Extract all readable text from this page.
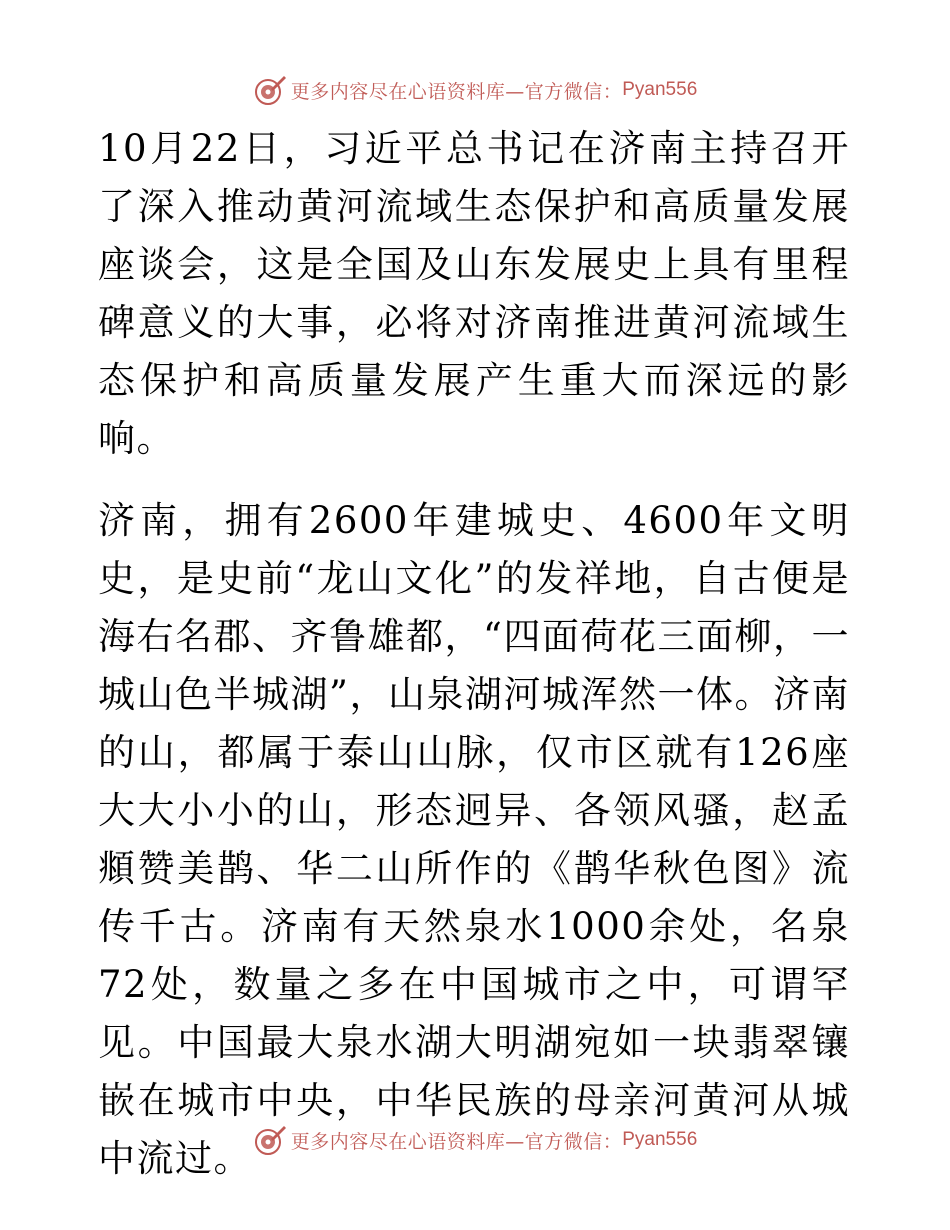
更多内容尽在心语资料库—官方微信： Pyan556

10月22日，习近平总书记在济南主持召开了深入推动黄河流域生态保护和高质量发展座谈会，这是全国及山东发展史上具有里程碑意义的大事，必将对济南推进黄河流域生态保护和高质量发展产生重大而深远的影响。

济南，拥有2600年建城史、4600年文明史，是史前“龙山文化”的发祥地，自古便是海右名郡、齐鲁雄都，“四面荷花三面柳，一城山色半城湖”，山泉湖河城浑然一体。济南的山，都属于泰山山脉，仅市区就有126座大大小小的山，形态迥异、各领风骚，赵孟頫赞美鹊、华二山所作的《鹊华秋色图》流传千古。济南有天然泉水1000余处，名泉72处，数量之多在中国城市之中，可谓罕见。中国最大泉水湖大明湖宛如一块翡翠镶嵌在城市中央，中华民族的母亲河黄河从城中流过。	更多内容尽在心语资料库—官方微信： Pyan556
